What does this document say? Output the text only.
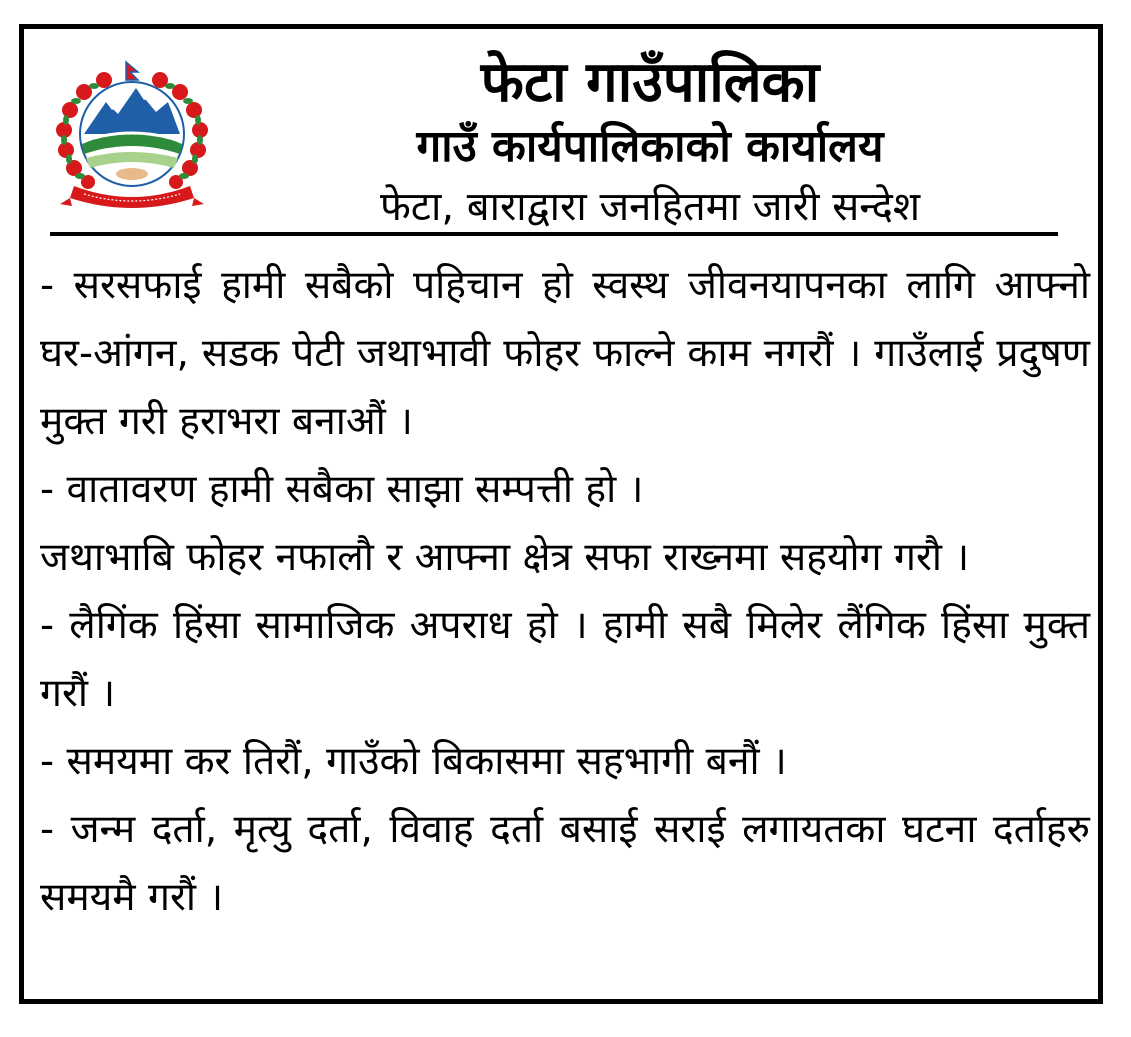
फेटा गाउँपालिका
गाउँ कार्यपालिकाको कार्यालय
फेटा, बाराद्वारा जनहितमा जारी सन्देश

- सरसफाई हामी सबैको पहिचान हो स्वस्थ जीवनयापनका लागि आफ्नो घर-आंगन, सडक पेटी जथाभावी फोहर फाल्ने काम नगरौं । गाउँलाई प्रदुषण मुक्त गरी हराभरा बनाऔं ।

- वातावरण हामी सबैका साझा सम्पत्ती हो ।

जथाभाबि फोहर नफालौ र आफ्ना क्षेत्र सफा राख्नमा सहयोग गरौ ।

- लैगिंक हिंसा सामाजिक अपराध हो । हामी सबै मिलेर लैंगिक हिंसा मुक्त गरौं ।

- समयमा कर तिरौं, गाउँको बिकासमा सहभागी बनौं ।

- जन्म दर्ता, मृत्यु दर्ता, विवाह दर्ता बसाई सराई लगायतका घटना दर्ताहरु समयमै गरौं ।
